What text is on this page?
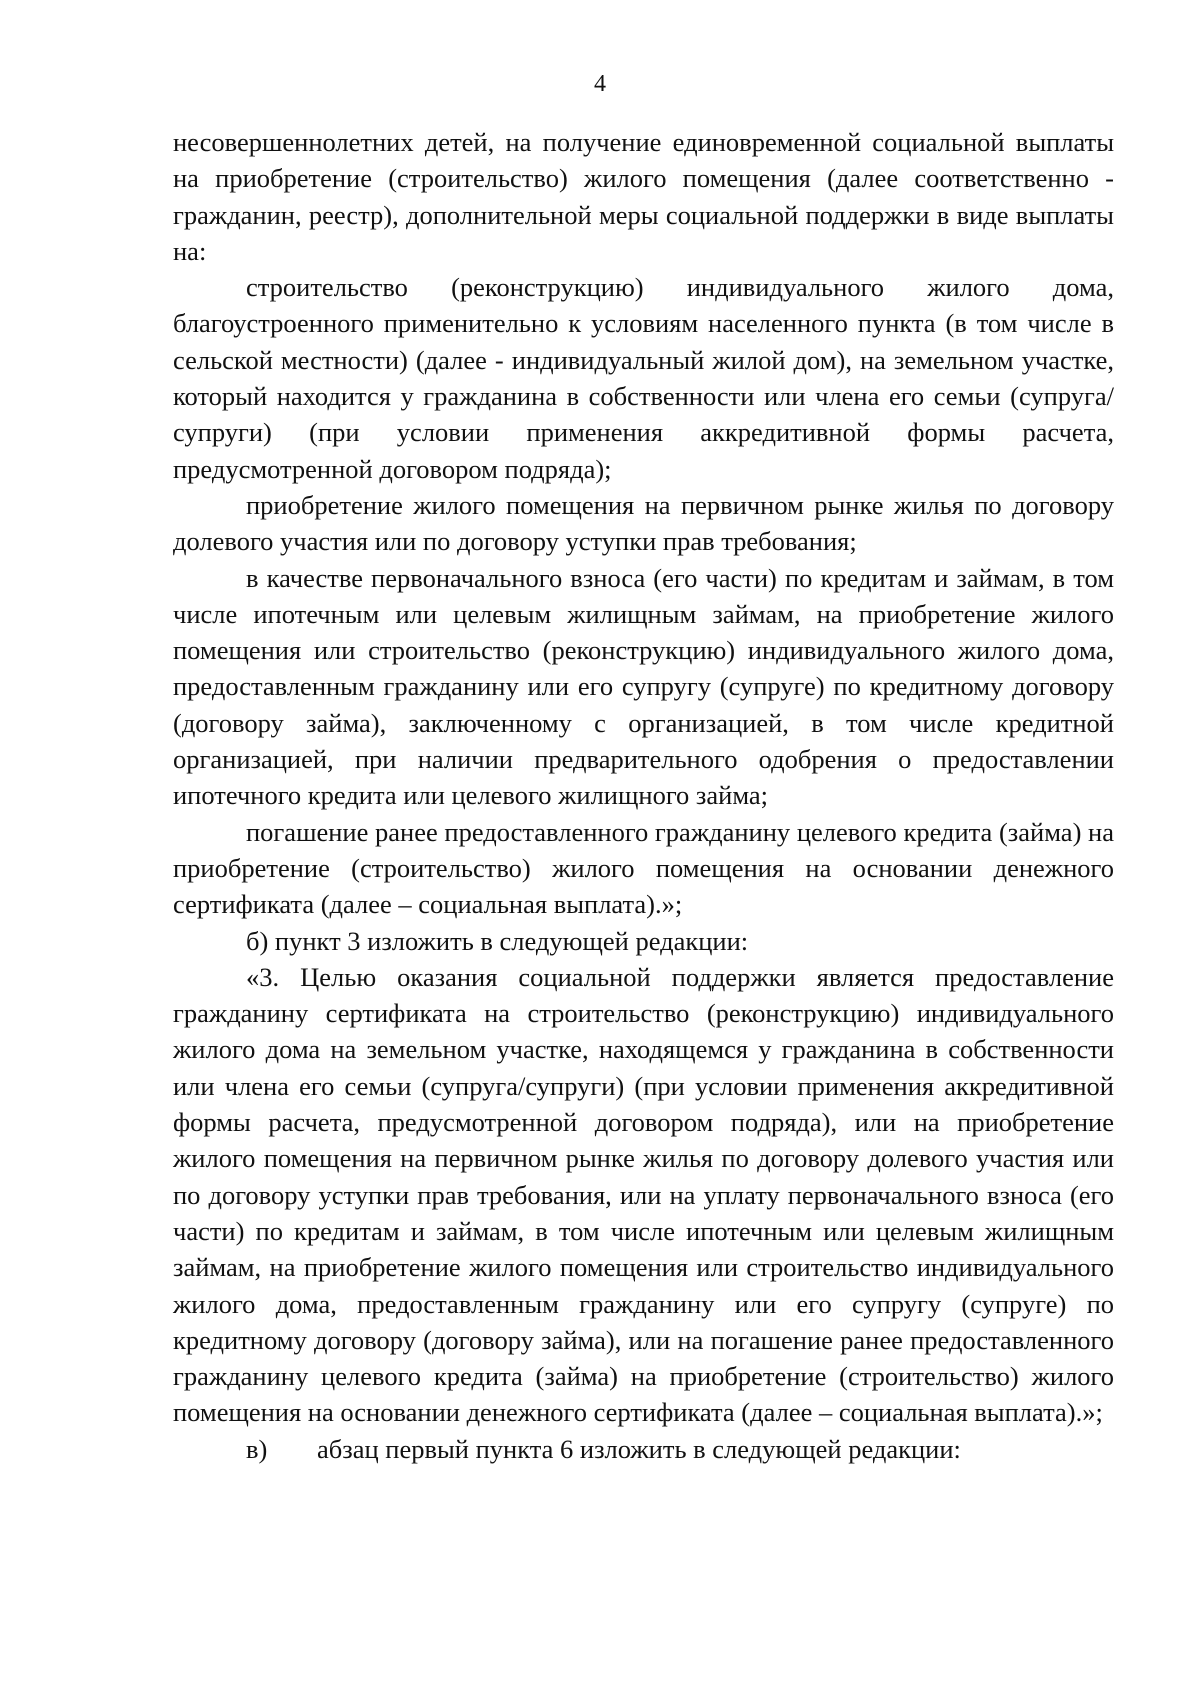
4

несовершеннолетних детей, на получение единовременной социальной выплаты на приобретение (строительство) жилого помещения (далее соответственно - гражданин, реестр), дополнительной меры социальной поддержки в виде выплаты на:

строительство (реконструкцию) индивидуального жилого дома, благоустроенного применительно к условиям населенного пункта (в том числе в сельской местности) (далее - индивидуальный жилой дом), на земельном участке, который находится у гражданина в собственности или члена его семьи (супруга/супруги) (при условии применения аккредитивной формы расчета, предусмотренной договором подряда);

приобретение жилого помещения на первичном рынке жилья по договору долевого участия или по договору уступки прав требования;

в качестве первоначального взноса (его части) по кредитам и займам, в том числе ипотечным или целевым жилищным займам, на приобретение жилого помещения или строительство (реконструкцию) индивидуального жилого дома, предоставленным гражданину или его супругу (супруге) по кредитному договору (договору займа), заключенному с организацией, в том числе кредитной организацией, при наличии предварительного одобрения о предоставлении ипотечного кредита или целевого жилищного займа;

погашение ранее предоставленного гражданину целевого кредита (займа) на приобретение (строительство) жилого помещения на основании денежного сертификата (далее – социальная выплата).»;

б) пункт 3 изложить в следующей редакции:

«3. Целью оказания социальной поддержки является предоставление гражданину сертификата на строительство (реконструкцию) индивидуального жилого дома на земельном участке, находящемся у гражданина в собственности или члена его семьи (супруга/супруги) (при условии применения аккредитивной формы расчета, предусмотренной договором подряда), или на приобретение жилого помещения на первичном рынке жилья по договору долевого участия или по договору уступки прав требования, или на уплату первоначального взноса (его части) по кредитам и займам, в том числе ипотечным или целевым жилищным займам, на приобретение жилого помещения или строительство индивидуального жилого дома, предоставленным гражданину или его супругу (супруге) по кредитному договору (договору займа), или на погашение ранее предоставленного гражданину целевого кредита (займа) на приобретение (строительство) жилого помещения на основании денежного сертификата (далее – социальная выплата).»;

в) абзац первый пункта 6 изложить в следующей редакции:
